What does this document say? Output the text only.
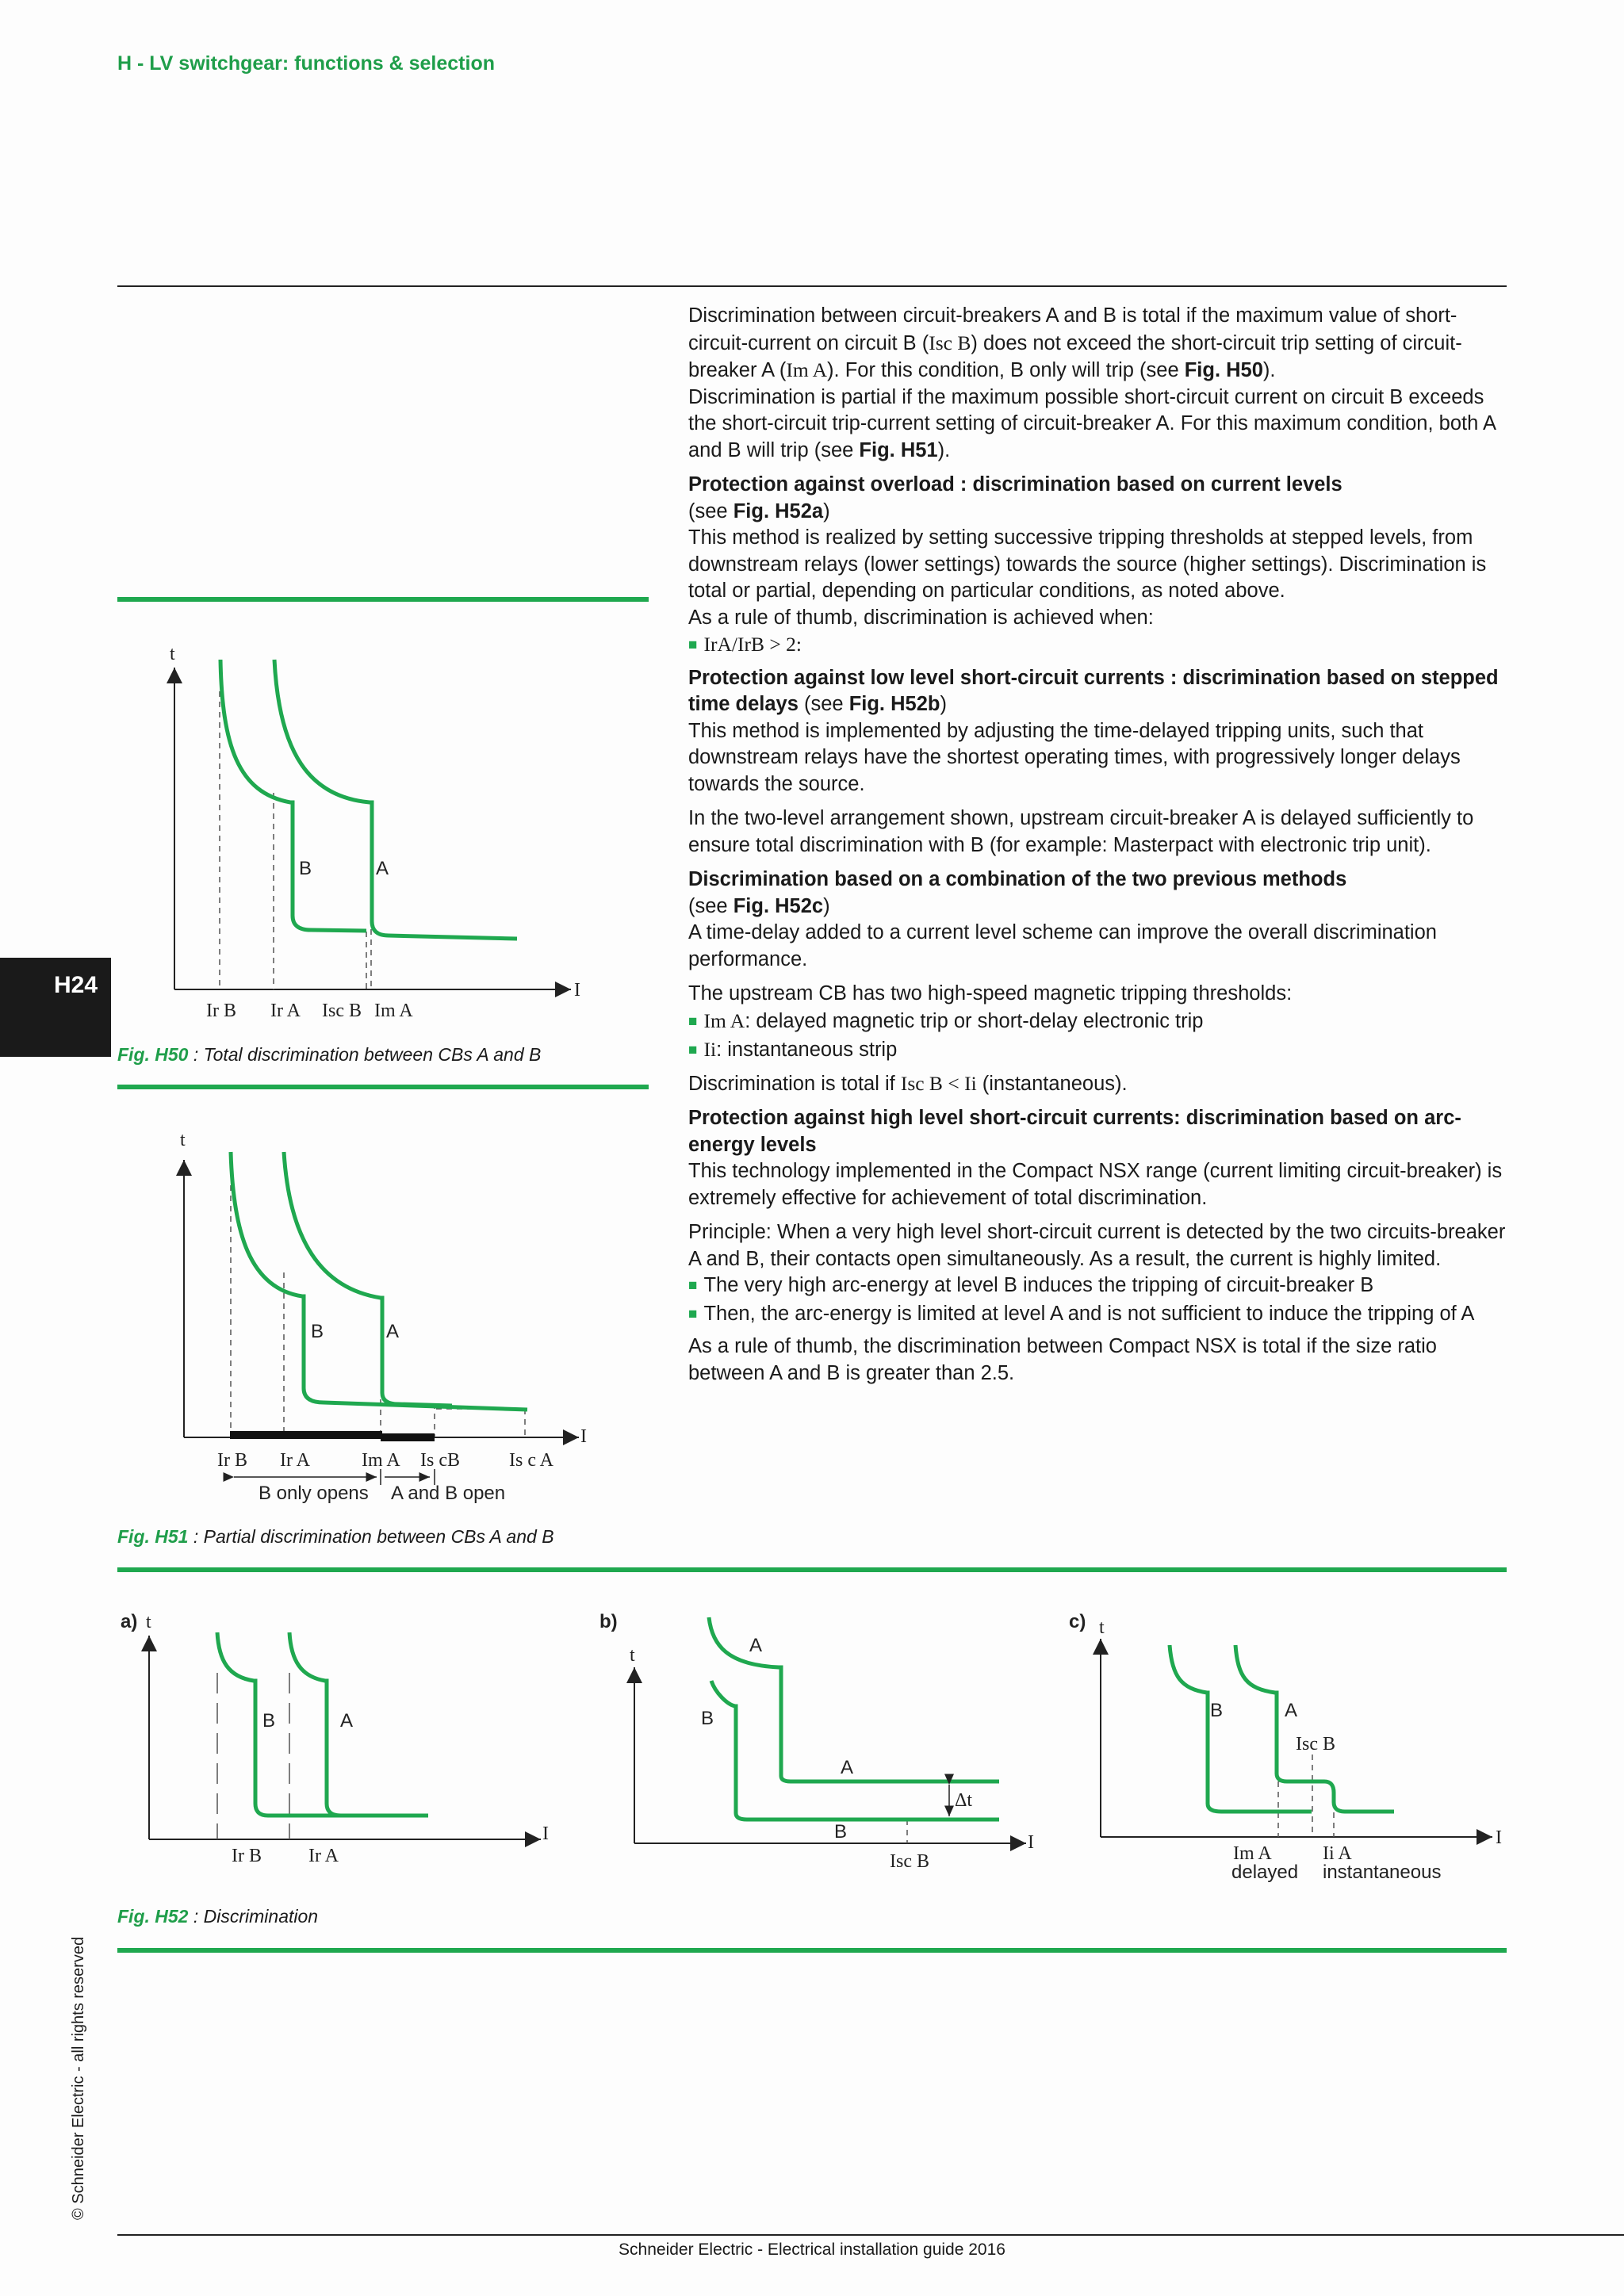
H - LV switchgear: functions & selection
H24

Discrimination between circuit-breakers A and B is total if the maximum value of short-circuit-current on circuit B (Isc B) does not exceed the short-circuit trip setting of circuit-breaker A (Im A). For this condition, B only will trip (see Fig. H50).
Discrimination is partial if the maximum possible short-circuit current on circuit B exceeds the short-circuit trip-current setting of circuit-breaker A. For this maximum condition, both A and B will trip (see Fig. H51).

Protection against overload : discrimination based on current levels

(see Fig. H52a)

This method is realized by setting successive tripping thresholds at stepped levels, from downstream relays (lower settings) towards the source (higher settings). Discrimination is total or partial, depending on particular conditions, as noted above.

As a rule of thumb, discrimination is achieved when:

■ IrA/IrB > 2:

Protection against low level short-circuit currents : discrimination based on stepped time delays (see Fig. H52b)

This method is implemented by adjusting the time-delayed tripping units, such that downstream relays have the shortest operating times, with progressively longer delays towards the source.

In the two-level arrangement shown, upstream circuit-breaker A is delayed sufficiently to ensure total discrimination with B (for example: Masterpact with electronic trip unit).

Discrimination based on a combination of the two previous methods

(see Fig. H52c)

A time-delay added to a current level scheme can improve the overall discrimination performance.

The upstream CB has two high-speed magnetic tripping thresholds:

■ Im A: delayed magnetic trip or short-delay electronic trip

■ Ii: instantaneous strip

Discrimination is total if Isc B < Ii (instantaneous).

Protection against high level short-circuit currents: discrimination based on arc-energy levels

This technology implemented in the Compact NSX range (current limiting circuit-breaker) is extremely effective for achievement of total discrimination.

Principle: When a very high level short-circuit current is detected by the two circuits-breaker A and B, their contacts open simultaneously. As a result, the current is highly limited.

■ The very high arc-energy at level B induces the tripping of circuit-breaker B

■ Then, the arc-energy is limited at level A and is not sufficient to induce the tripping of A

As a rule of thumb, the discrimination between Compact NSX is total if the size ratio between A and B is greater than 2.5.

t
I
B	A
Ir B Ir A Isc B Im A
Fig. H50 : Total discrimination between CBs A and B
t
I
B	A
Ir B Ir A	Im A Is cB	Is c A
B only opens A and B open
Fig. H51 : Partial discrimination between CBs A and B
a) t
I
B	A
Ir B Ir A
b)
t
I
Δt
A
B
A
B
Isc B
c) t
I
B	A
Isc B
Im A
delayed
Ii A
instantaneous
Fig. H52 : Discrimination
© Schneider Electric - all rights reserved
Schneider Electric - Electrical installation guide 2016
